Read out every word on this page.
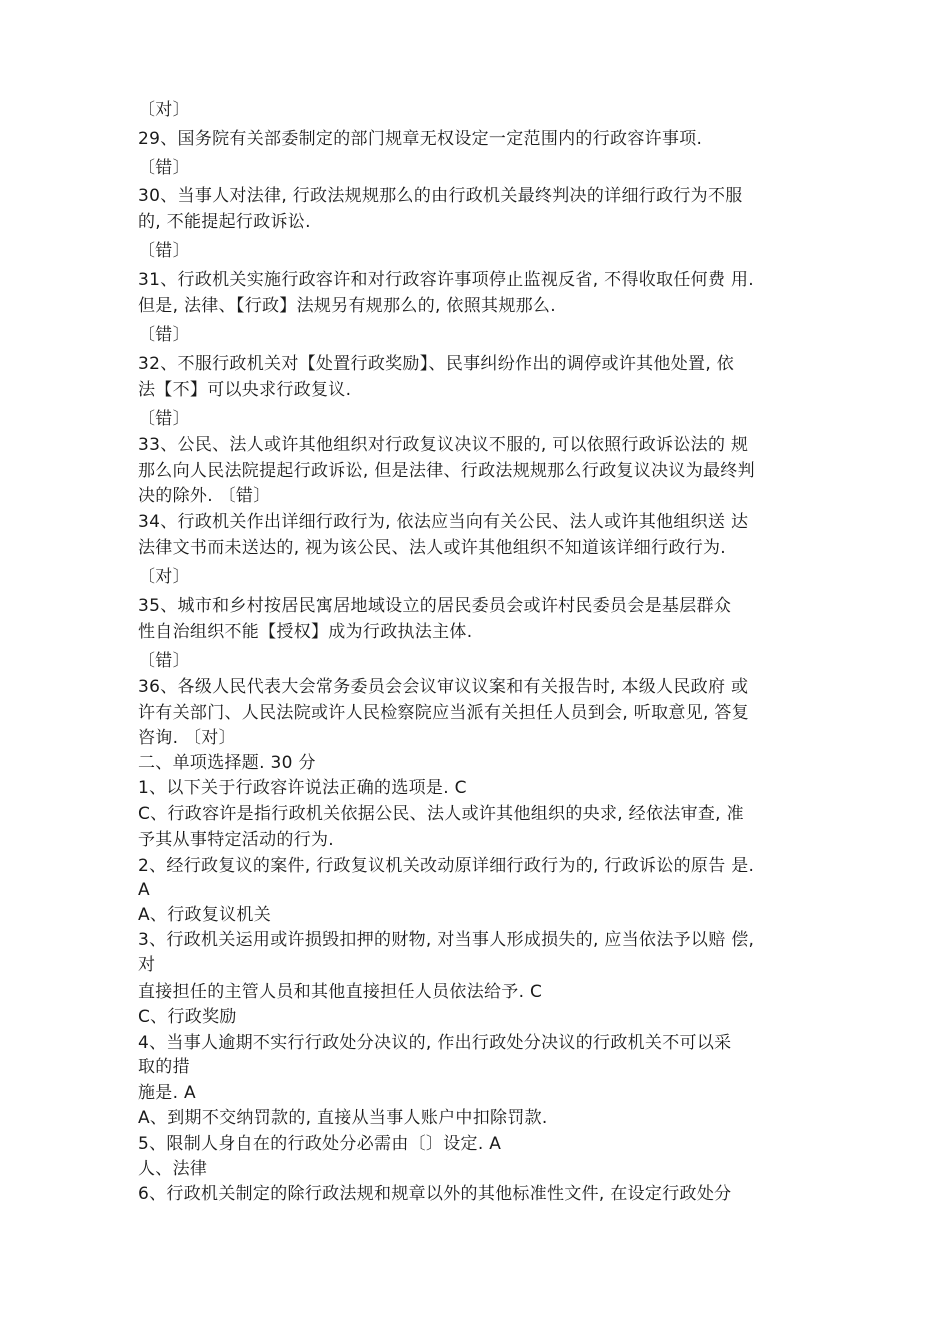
〔对〕
29、国务院有关部委制定的部门规章无权设定一定范围内的行政容许事项.
〔错〕
30、当事人对法律, 行政法规规那么的由行政机关最终判决的详细行政行为不服
的, 不能提起行政诉讼.
〔错〕
31、行政机关实施行政容许和对行政容许事项停止监视反省, 不得收取任何费 用.
但是, 法律、【行政】法规另有规那么的, 依照其规那么.
〔错〕
32、不服行政机关对【处置行政奖励】、民事纠纷作出的调停或许其他处置, 依
法【不】可以央求行政复议.
〔错〕
33、公民、法人或许其他组织对行政复议决议不服的, 可以依照行政诉讼法的 规
那么向人民法院提起行政诉讼, 但是法律、行政法规规那么行政复议决议为最终判
决的除外. 〔错〕
34、行政机关作出详细行政行为, 依法应当向有关公民、法人或许其他组织送 达
法律文书而未送达的, 视为该公民、法人或许其他组织不知道该详细行政行为.
〔对〕
35、城市和乡村按居民寓居地域设立的居民委员会或许村民委员会是基层群众
性自治组织不能【授权】成为行政执法主体.
〔错〕
36、各级人民代表大会常务委员会会议审议议案和有关报告时, 本级人民政府 或
许有关部门、人民法院或许人民检察院应当派有关担任人员到会, 听取意见, 答复
咨询. 〔对〕
二、单项选择题. 30 分
1、以下关于行政容许说法正确的选项是. C
C、行政容许是指行政机关依据公民、法人或许其他组织的央求, 经依法审查, 准
予其从事特定活动的行为.
2、经行政复议的案件, 行政复议机关改动原详细行政行为的, 行政诉讼的原告 是.
A
A、行政复议机关
3、行政机关运用或许损毁扣押的财物, 对当事人形成损失的, 应当依法予以赔 偿,
对
直接担任的主管人员和其他直接担任人员依法给予. C
C、行政奖励
4、当事人逾期不实行行政处分决议的, 作出行政处分决议的行政机关不可以采
取的措
施是. A
A、到期不交纳罚款的, 直接从当事人账户中扣除罚款.
5、限制人身自在的行政处分必需由〔〕设定. A
人、法律
6、行政机关制定的除行政法规和规章以外的其他标准性文件, 在设定行政处分
